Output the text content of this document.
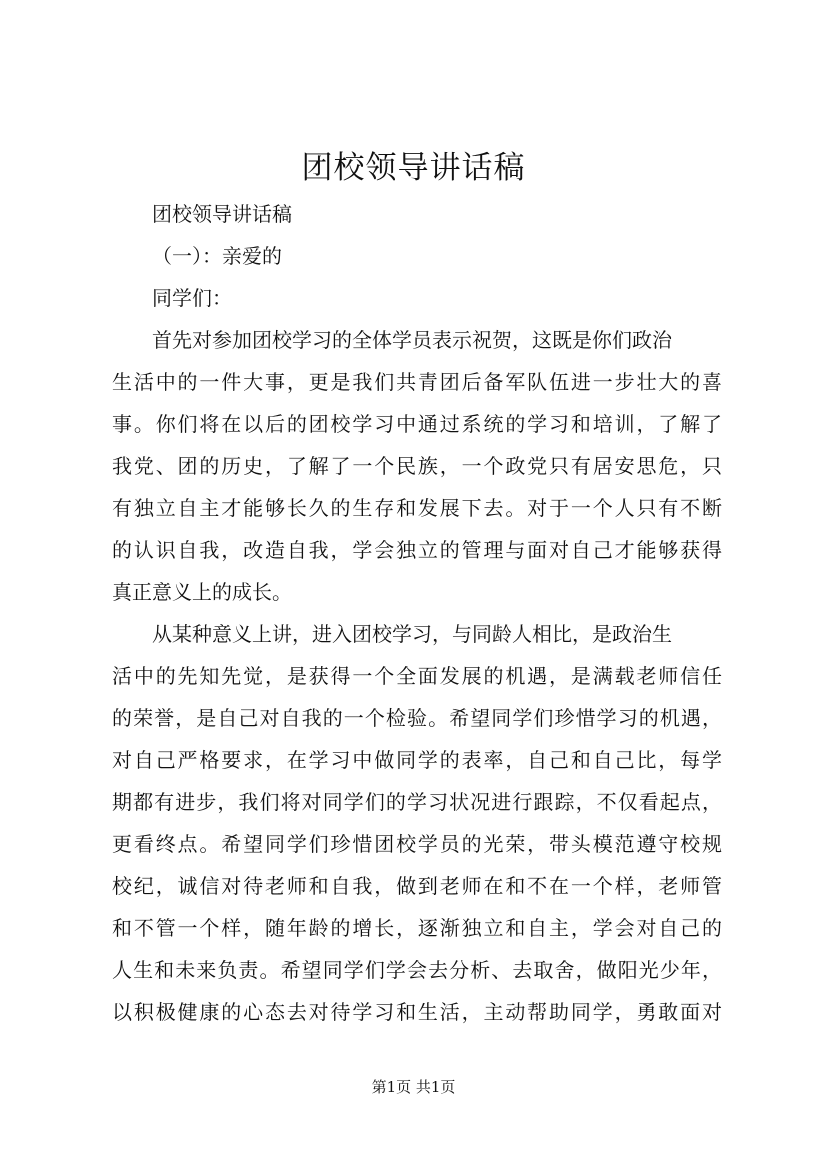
团校领导讲话稿
团校领导讲话稿
（一）：亲爱的
同学们：
首先对参加团校学习的全体学员表示祝贺，这既是你们政治
生活中的一件大事，更是我们共青团后备军队伍进一步壮大的喜
事。你们将在以后的团校学习中通过系统的学习和培训，了解了
我党、团的历史，了解了一个民族，一个政党只有居安思危，只
有独立自主才能够长久的生存和发展下去。对于一个人只有不断
的认识自我，改造自我，学会独立的管理与面对自己才能够获得
真正意义上的成长。
从某种意义上讲，进入团校学习，与同龄人相比，是政治生
活中的先知先觉，是获得一个全面发展的机遇，是满载老师信任
的荣誉，是自己对自我的一个检验。希望同学们珍惜学习的机遇，
对自己严格要求，在学习中做同学的表率，自己和自己比，每学
期都有进步，我们将对同学们的学习状况进行跟踪，不仅看起点，
更看终点。希望同学们珍惜团校学员的光荣，带头模范遵守校规
校纪，诚信对待老师和自我，做到老师在和不在一个样，老师管
和不管一个样，随年龄的增长，逐渐独立和自主，学会对自己的
人生和未来负责。希望同学们学会去分析、去取舍，做阳光少年，
以积极健康的心态去对待学习和生活，主动帮助同学，勇敢面对
第1页 共1页
